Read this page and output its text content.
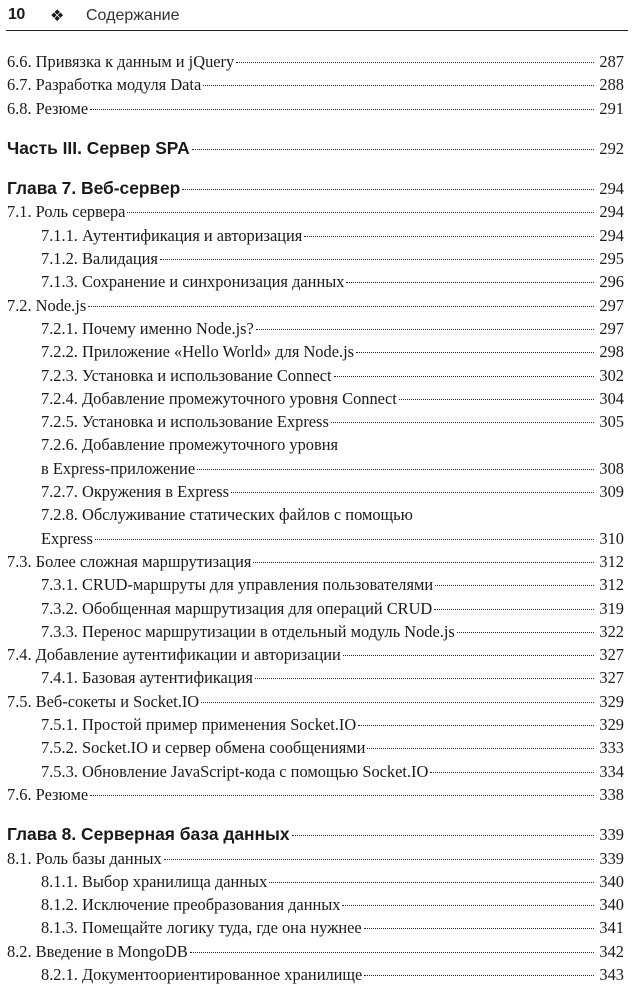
10 ❖ Содержание
6.6. Привязка к данным и jQuery	287
6.7. Разработка модуля Data	288
6.8. Резюме	291
Часть III. Сервер SPA	292
Глава 7. Веб-сервер	294
7.1. Роль сервера	294
7.1.1. Аутентификация и авторизация	294
7.1.2. Валидация	295
7.1.3. Сохранение и синхронизация данных	296
7.2. Node.js	297
7.2.1. Почему именно Node.js?	297
7.2.2. Приложение «Hello World» для Node.js	298
7.2.3. Установка и использование Connect	302
7.2.4. Добавление промежуточного уровня Connect	304
7.2.5. Установка и использование Express	305
7.2.6. Добавление промежуточного уровня
в Express-приложение	308
7.2.7. Окружения в Express	309
7.2.8. Обслуживание статических файлов с помощью
Express	310
7.3. Более сложная маршрутизация	312
7.3.1. CRUD-маршруты для управления пользователями	312
7.3.2. Обобщенная маршрутизация для операций CRUD	319
7.3.3. Перенос маршрутизации в отдельный модуль Node.js	322
7.4. Добавление аутентификации и авторизации	327
7.4.1. Базовая аутентификация	327
7.5. Веб-сокеты и Socket.IO	329
7.5.1. Простой пример применения Socket.IO	329
7.5.2. Socket.IO и сервер обмена сообщениями	333
7.5.3. Обновление JavaScript-кода с помощью Socket.IO	334
7.6. Резюме	338
Глава 8. Серверная база данных	339
8.1. Роль базы данных	339
8.1.1. Выбор хранилища данных	340
8.1.2. Исключение преобразования данных	340
8.1.3. Помещайте логику туда, где она нужнее	341
8.2. Введение в MongoDB	342
8.2.1. Документоориентированное хранилище	343
